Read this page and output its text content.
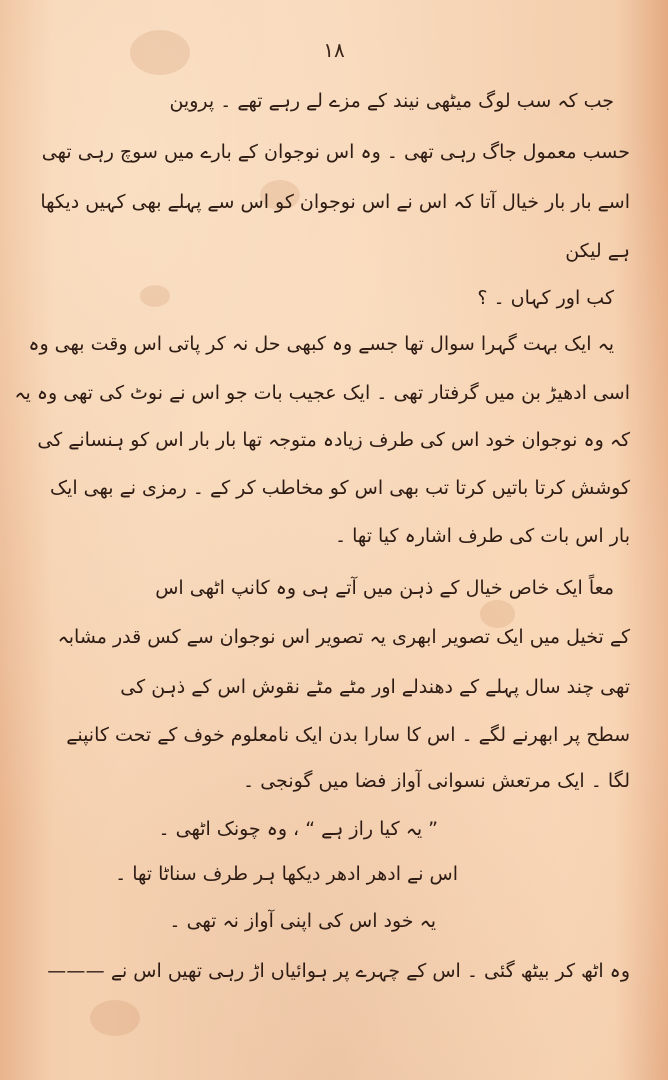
۱۸
جب کہ سب لوگ میٹھی نیند کے مزے لے رہے تھے ۔ پروین
حسب معمول جاگ رہی تھی ۔ وہ اس نوجوان کے بارے میں سوچ رہی تھی
اسے بار بار خیال آتا کہ اس نے اس نوجوان کو اس سے پہلے بھی کہیں دیکھا
ہے لیکن
کب اور کہاں ۔ ؟
یہ ایک بہت گہرا سوال تھا جسے وہ کبھی حل نہ کر پاتی اس وقت بھی وہ
اسی ادھیڑ بن میں گرفتار تھی ۔ ایک عجیب بات جو اس نے نوٹ کی تھی وہ یہ
کہ وہ نوجوان خود اس کی طرف زیادہ متوجہ تھا بار بار اس کو ہنسانے کی
کوشش کرتا باتیں کرتا تب بھی اس کو مخاطب کر کے ۔ رمزی نے بھی ایک
بار اس بات کی طرف اشارہ کیا تھا ۔
معاً ایک خاص خیال کے ذہن میں آتے ہی وہ کانپ اٹھی اس
کے تخیل میں ایک تصویر ابھری یہ تصویر اس نوجوان سے کس قدر مشابہ
تھی چند سال پہلے کے دھندلے اور مٹے مٹے نقوش اس کے ذہن کی
سطح پر ابھرنے لگے ۔ اس کا سارا بدن ایک نامعلوم خوف کے تحت کانپنے
لگا ۔ ایک مرتعش نسوانی آواز فضا میں گونجی ۔
” یہ کیا راز ہے “ ، وہ چونک اٹھی ۔
اس نے ادھر ادھر دیکھا ہر طرف سناٹا تھا ۔
یہ خود اس کی اپنی آواز نہ تھی ۔
وہ اٹھ کر بیٹھ گئی ۔ اس کے چہرے پر ہوائیاں اڑ رہی تھیں اس نے ———
